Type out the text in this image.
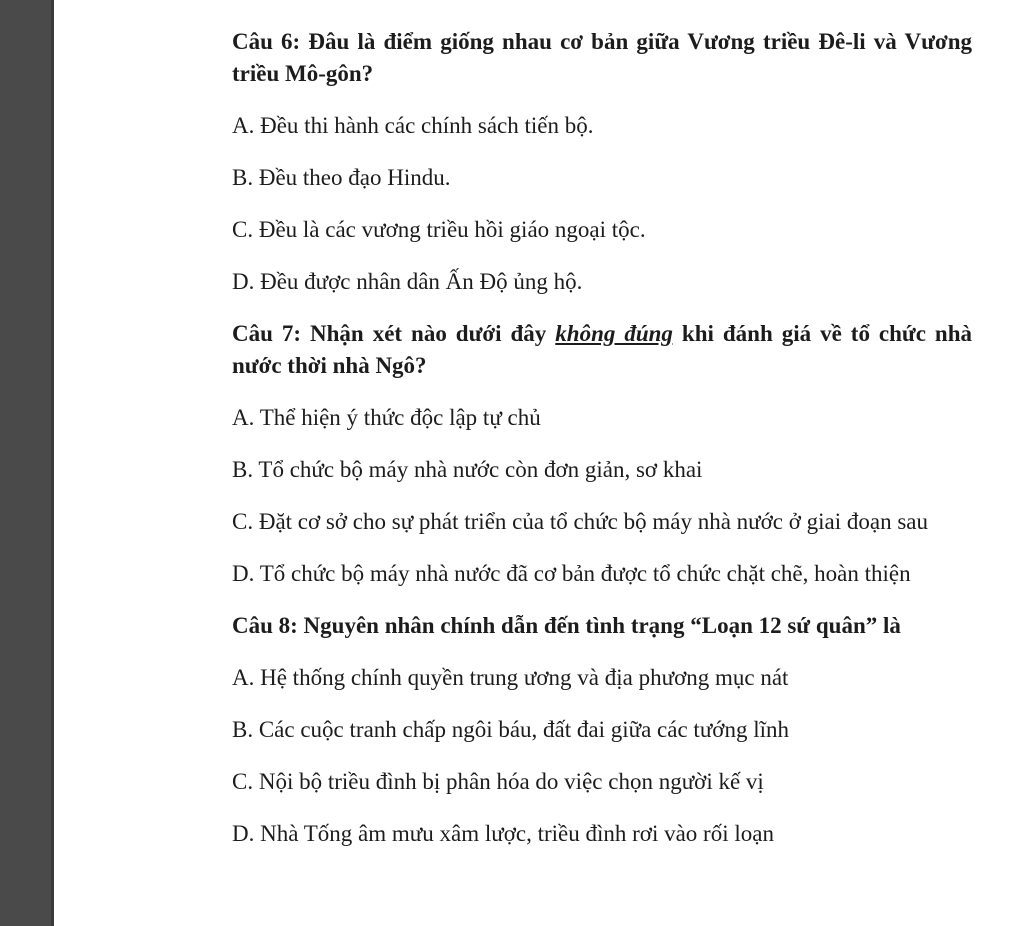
Câu 6: Đâu là điểm giống nhau cơ bản giữa Vương triều Đê-li và Vương triều Mô-gôn?

A. Đều thi hành các chính sách tiến bộ.

B. Đều theo đạo Hindu.

C. Đều là các vương triều hồi giáo ngoại tộc.

D. Đều được nhân dân Ấn Độ ủng hộ.

Câu 7: Nhận xét nào dưới đây không đúng khi đánh giá về tổ chức nhà nước thời nhà Ngô?

A. Thể hiện ý thức độc lập tự chủ

B. Tổ chức bộ máy nhà nước còn đơn giản, sơ khai

C. Đặt cơ sở cho sự phát triển của tổ chức bộ máy nhà nước ở giai đoạn sau

D. Tổ chức bộ máy nhà nước đã cơ bản được tổ chức chặt chẽ, hoàn thiện

Câu 8: Nguyên nhân chính dẫn đến tình trạng “Loạn 12 sứ quân” là

A. Hệ thống chính quyền trung ương và địa phương mục nát

B. Các cuộc tranh chấp ngôi báu, đất đai giữa các tướng lĩnh

C. Nội bộ triều đình bị phân hóa do việc chọn người kế vị

D. Nhà Tống âm mưu xâm lược, triều đình rơi vào rối loạn
